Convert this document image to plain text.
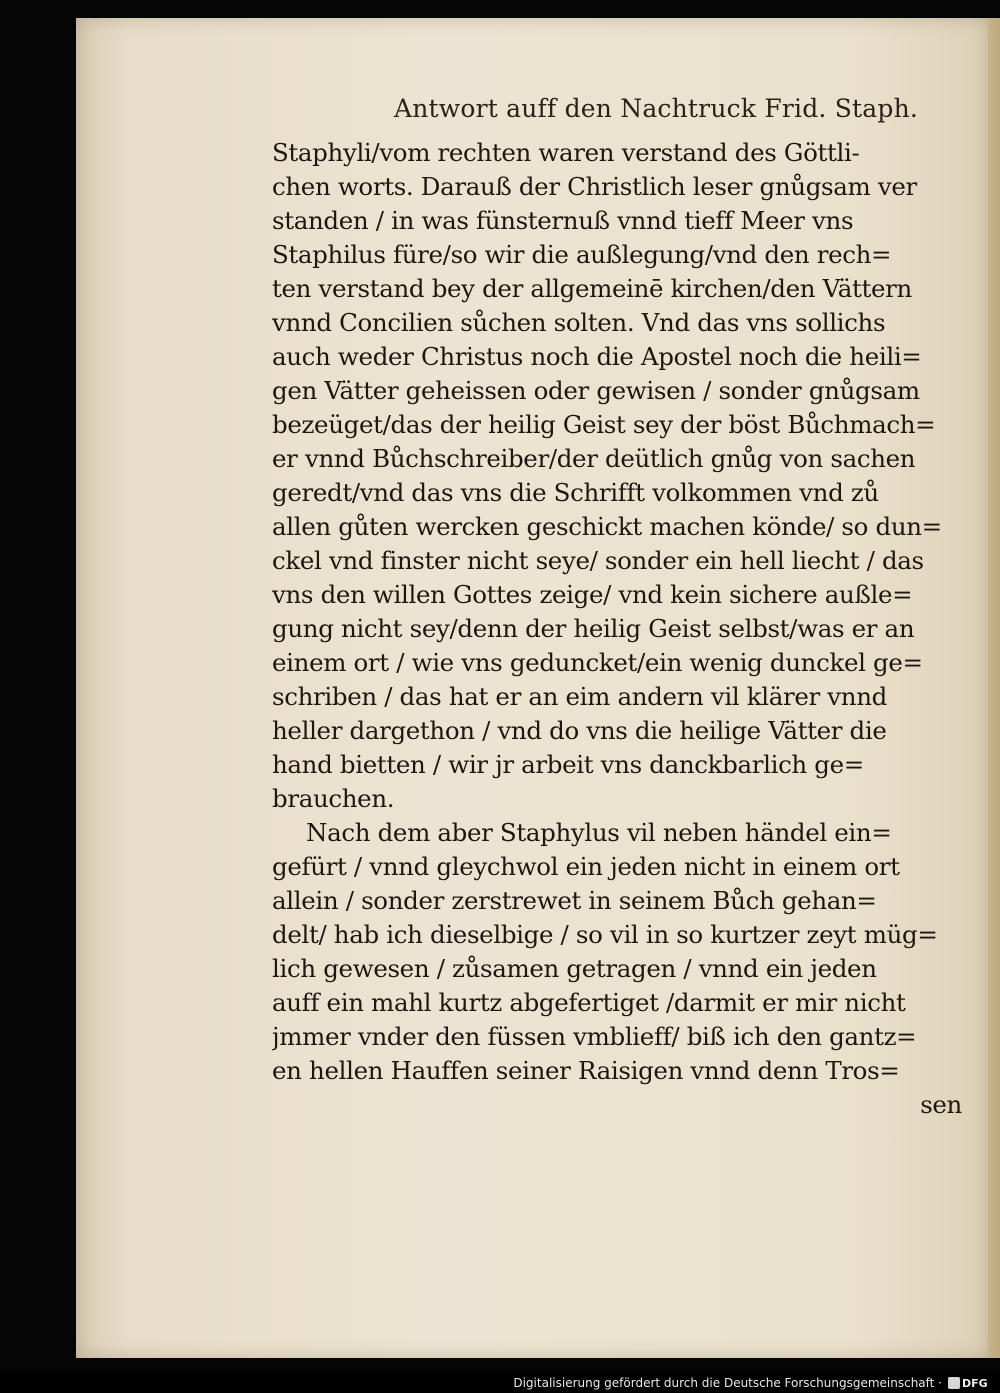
Antwort auff den Nachtruck Frid. Staph.
Staphyli/vom rechten waren verstand des Göttli-
chen worts. Darauß der Christlich leser gnůgsam ver
standen / in was fünsternuß vnnd tieff Meer vns
Staphilus füre/so wir die außlegung/vnd den rech=
ten verstand bey der allgemeinē kirchen/den Vättern
vnnd Concilien sůchen solten. Vnd das vns sollichs
auch weder Christus noch die Apostel noch die heili=
gen Vätter geheissen oder gewisen / sonder gnůgsam
bezeüget/das der heilig Geist sey der böst Bůchmach=
er vnnd Bůchschreiber/der deütlich gnůg von sachen
geredt/vnd das vns die Schrifft volkommen vnd zů
allen gůten wercken geschickt machen könde/ so dun=
ckel vnd finster nicht seye/ sonder ein hell liecht / das
vns den willen Gottes zeige/ vnd kein sichere außle=
gung nicht sey/denn der heilig Geist selbst/was er an
einem ort / wie vns geduncket/ein wenig dunckel ge=
schriben / das hat er an eim andern vil klärer vnnd
heller dargethon / vnd do vns die heilige Vätter die
hand bietten / wir jr arbeit vns danckbarlich ge=
brauchen.
Nach dem aber Staphylus vil neben händel ein=
gefürt / vnnd gleychwol ein jeden nicht in einem ort
allein / sonder zerstrewet in seinem Bůch gehan=
delt/ hab ich dieselbige / so vil in so kurtzer zeyt müg=
lich gewesen / zůsamen getragen / vnnd ein jeden
auff ein mahl kurtz abgefertiget /darmit er mir nicht
jmmer vnder den füssen vmblieff/ biß ich den gantz=
en hellen Hauffen seiner Raisigen vnnd denn Tros=
sen
Digitalisierung gefördert durch die Deutsche Forschungsgemeinschaft · DFG
